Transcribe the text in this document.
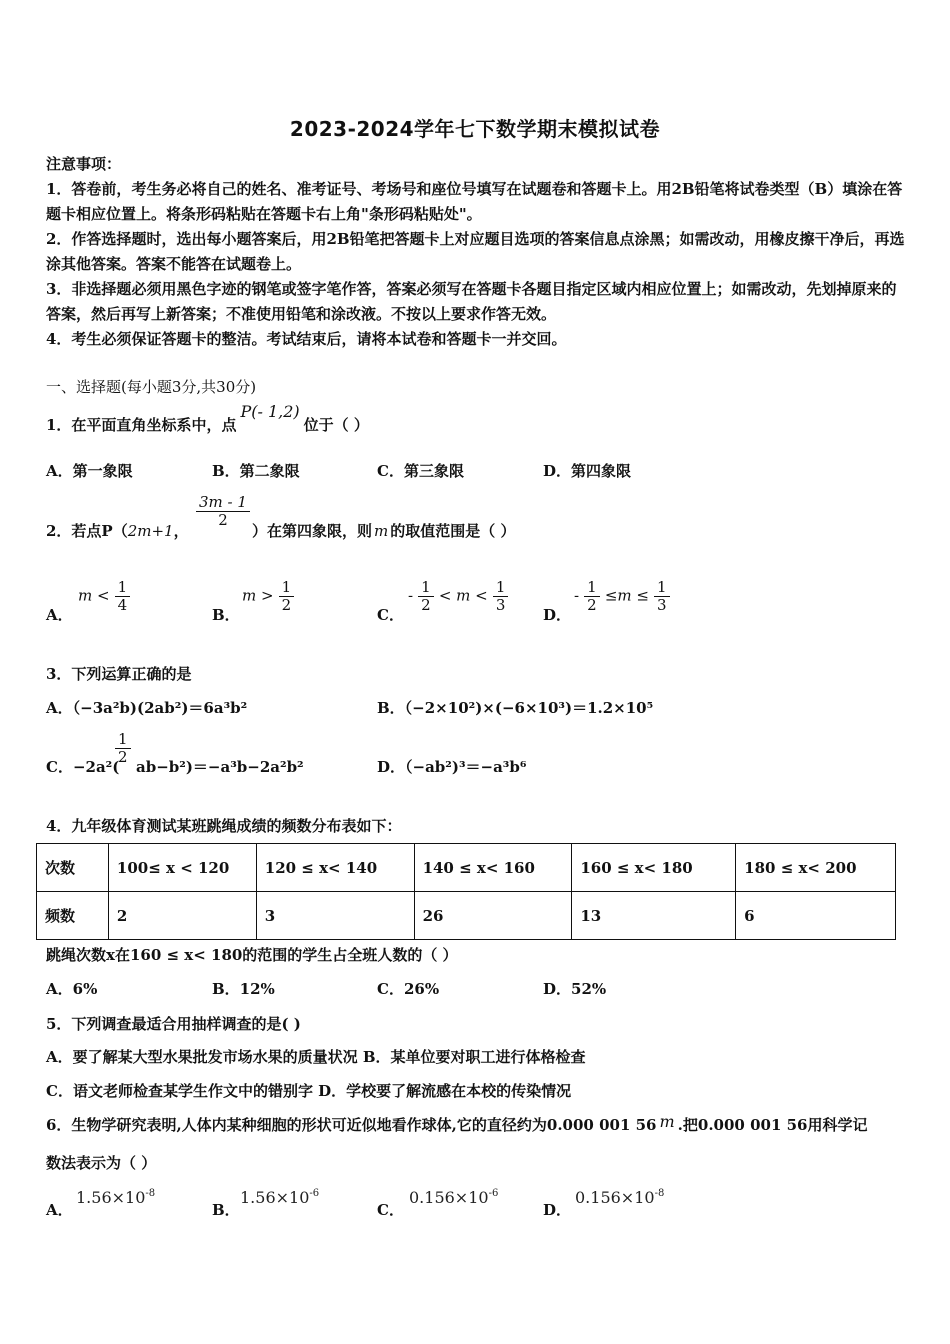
2023-2024学年七下数学期末模拟试卷
注意事项：
1．答卷前，考生务必将自己的姓名、准考证号、考场号和座位号填写在试题卷和答题卡上。用2B铅笔将试卷类型（B）填涂在答题卡相应位置上。将条形码粘贴在答题卡右上角"条形码粘贴处"。
2．作答选择题时，选出每小题答案后，用2B铅笔把答题卡上对应题目选项的答案信息点涂黑；如需改动，用橡皮擦干净后，再选涂其他答案。答案不能答在试题卷上。
3．非选择题必须用黑色字迹的钢笔或签字笔作答，答案必须写在答题卡各题目指定区域内相应位置上；如需改动，先划掉原来的答案，然后再写上新答案；不准使用铅笔和涂改液。不按以上要求作答无效。
4．考生必须保证答题卡的整洁。考试结束后，请将本试卷和答题卡一并交回。
一、选择题(每小题3分,共30分)
1．在平面直角坐标系中，点P(- 1,2)位于（ ）
A．第一象限	B．第二象限	C．第三象限	D．第四象限
2．若点P（2m+1，
$\frac{3m - 1}{2}$
）在第四象限，则 m 的取值范围是（ ）
A．
$m < \frac{1}{4}$
B．
$m > \frac{1}{2}$
C．
- $\frac{1}{2} < m < \frac{1}{3}$
D．
- $\frac{1}{2} \le m \le \frac{1}{3}$
3．下列运算正确的是
A．（−3a²b)(2ab²)＝6a³b²	B．（−2×10²)×(−6×10³)＝1.2×10⁵
C．−2a²(
$\frac{1}{2}$
ab−b²)＝−a³b−2a²b²	D．（−ab²)³＝−a³b⁶
4．九年级体育测试某班跳绳成绩的频数分布表如下：
次数	100≤ x < 120	120 ≤ x< 140	140 ≤ x< 160	160 ≤ x< 180	180 ≤ x< 200
频数	2	3	26	13	6
跳绳次数x在160 ≤ x< 180的范围的学生占全班人数的（ ）
A．6%	B．12%	C．26%	D．52%
5．下列调查最适合用抽样调查的是( )
A．要了解某大型水果批发市场水果的质量状况 B．某单位要对职工进行体格检查
C．语文老师检查某学生作文中的错别字 D．学校要了解流感在本校的传染情况
6．生物学研究表明,人体内某种细胞的形状可近似地看作球体,它的直径约为0.000 001 56 m .把0.000 001 56用科学记
数法表示为（ ）
A．
$1.56\times 10^{-8}$
B．
$1.56\times 10^{-6}$
C．
$0.156\times 10^{-6}$
D．
$0.156\times 10^{-8}$
